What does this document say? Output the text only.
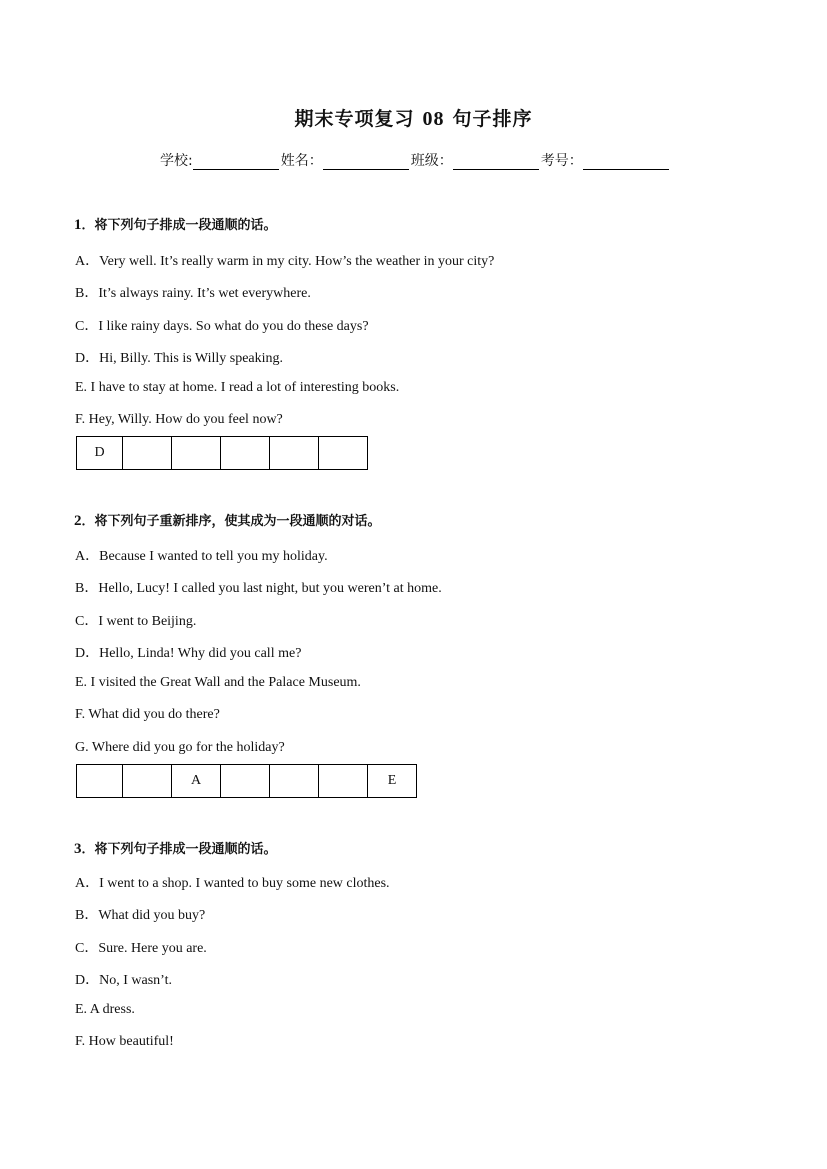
期末专项复习 08 句子排序
学校:	姓名：	班级：	考号：
1．将下列句子排成一段通顺的话。
A．Very well. It’s really warm in my city. How’s the weather in your city?
B．It’s always rainy. It’s wet everywhere.
C．I like rainy days. So what do you do these days?
D．Hi, Billy. This is Willy speaking.
E. I have to stay at home. I read a lot of interesting books.
F. Hey, Willy. How do you feel now?
D					
2．将下列句子重新排序，使其成为一段通顺的对话。
A．Because I wanted to tell you my holiday.
B．Hello, Lucy! I called you last night, but you weren’t at home.
C．I went to Beijing.
D．Hello, Linda! Why did you call me?
E. I visited the Great Wall and the Palace Museum.
F. What did you do there?
G. Where did you go for the holiday?
		A				E
3．将下列句子排成一段通顺的话。
A．I went to a shop. I wanted to buy some new clothes.
B．What did you buy?
C．Sure. Here you are.
D．No, I wasn’t.
E. A dress.
F. How beautiful!
